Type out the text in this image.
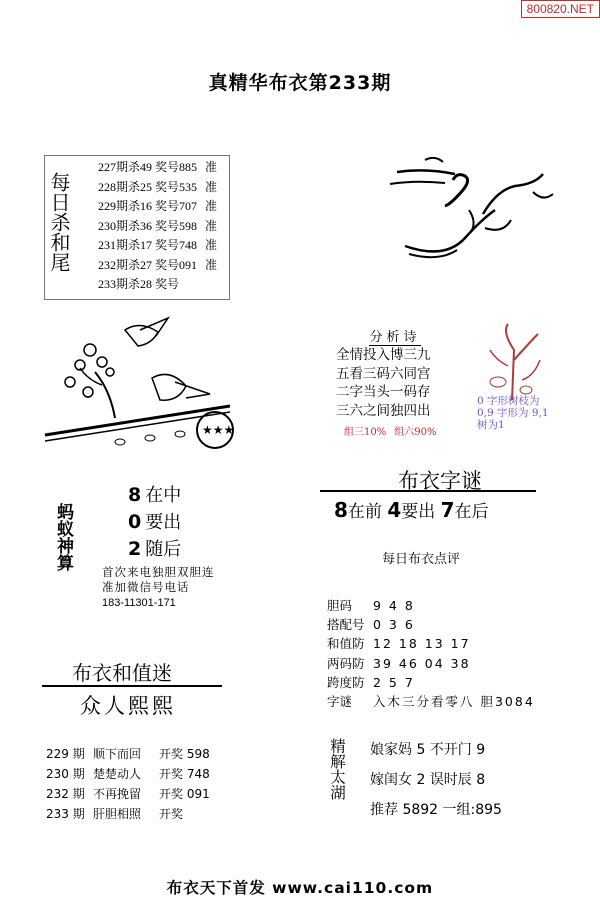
800820.NET
真精华布衣第233期
每日杀和尾
227期杀49 奖号885 准
228期杀25 奖号535 准
229期杀16 奖号707 准
230期杀36 奖号598 准
231期杀17 奖号748 准
232期杀27 奖号091 准
233期杀28 奖号
★★★
分析诗
全情投入博三九
五看三码六同宫
二字当头一码存
三六之间独四出
组三10% 组六90%
0 字形树枝为
0,9 字形为 9,1
树为1
布衣字谜
8在前 4要出 7在后
蚂蚁神算
8 在中
0 要出
2 随后
首次来电独胆双胆连
准加微信号电话
183-11301-171
每日布衣点评
胆码 9 4 8
搭配号 0 3 6
和值防 12 18 13 17
两码防 39 46 04 38
跨度防 2 5 7
字谜 入木三分看零八 胆3084
布衣和值迷
众人熙熙
229 期 顺下而回 开奖 598
230 期 楚楚动人 开奖 748
232 期 不再挽留 开奖 091
233 期 肝胆相照 开奖
精解太湖 娘家妈 5 不开门 9
嫁闺女 2 误时辰 8
推荐 5892 一组:895
布衣天下首发 www.cai110.com
